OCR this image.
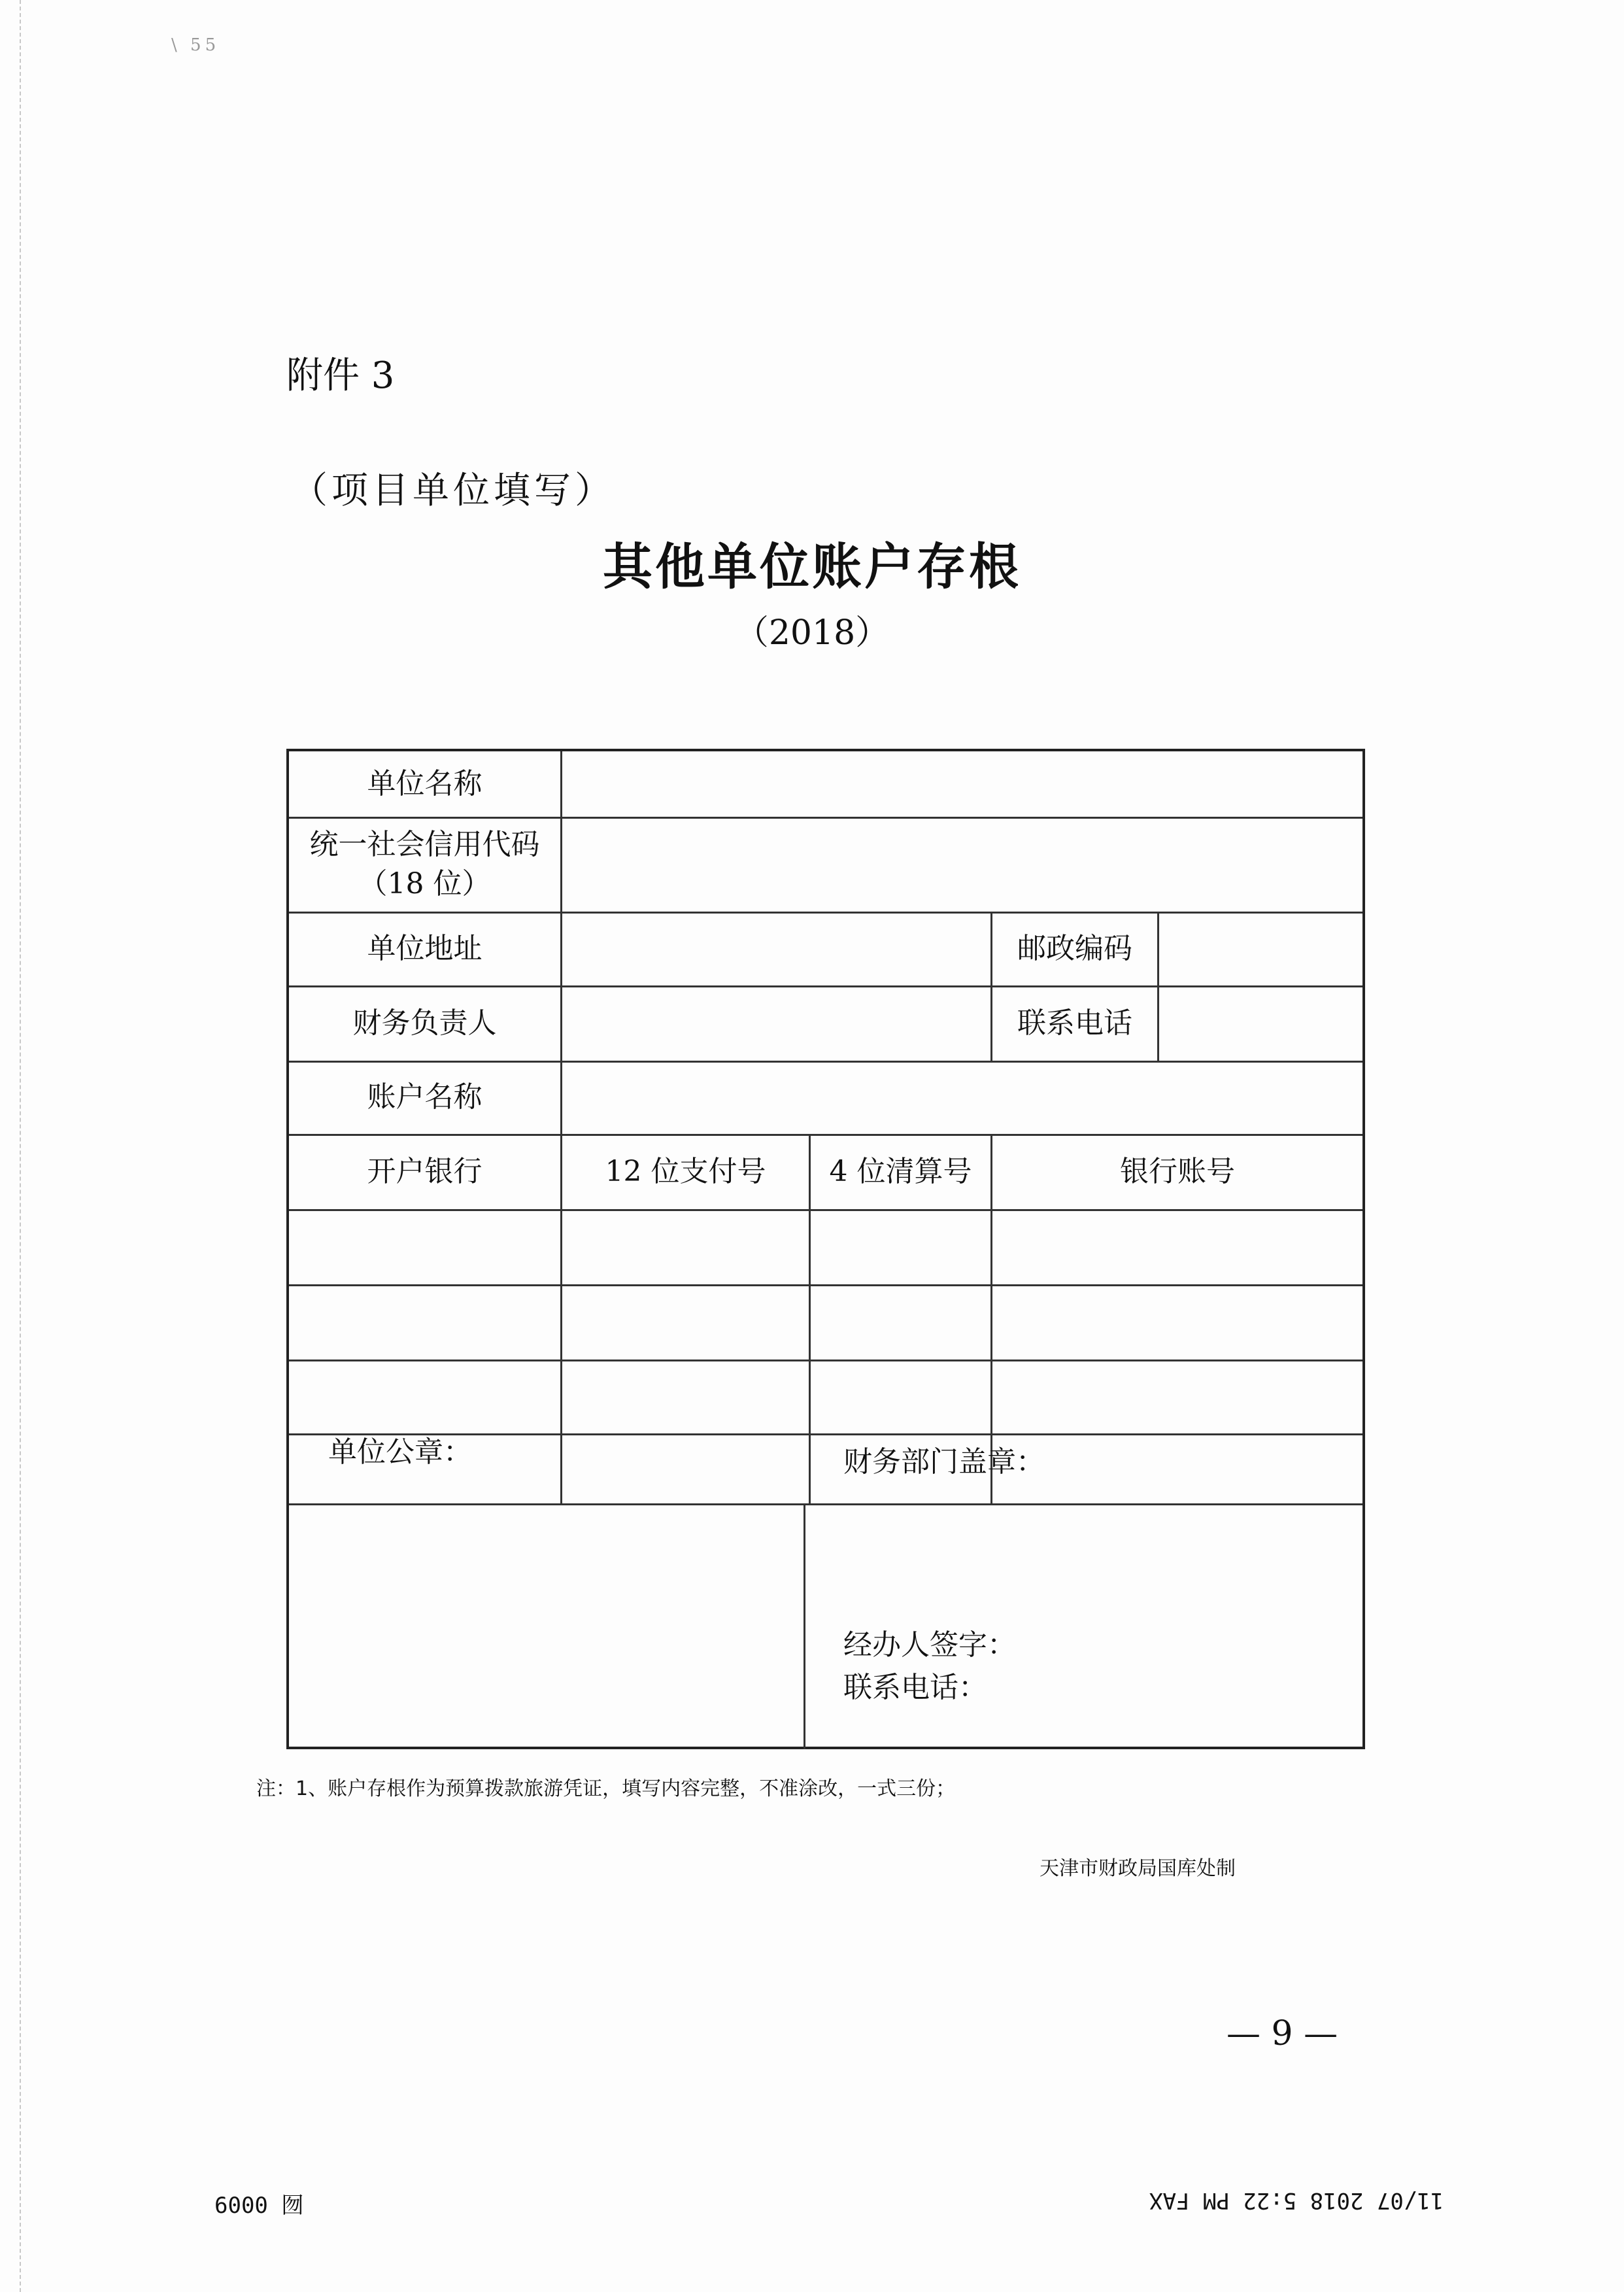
\ 55
附件 3
（项目单位填写）
其他单位账户存根
（2018）
单位名称
统一社会信用代码
（18 位）
单位地址	邮政编码
财务负责人	联系电话
账户名称
开户银行	12 位支付号	4 位清算号	银行账号
单位公章：	财务部门盖章：
经办人签字：
联系电话：
注：1、账户存根作为预算拨款旅游凭证，填写内容完整，不准涂改，一式三份；
天津市财政局国库处制
— 9 —
6000 囫	11/07 2018 5:22 PM FAX
